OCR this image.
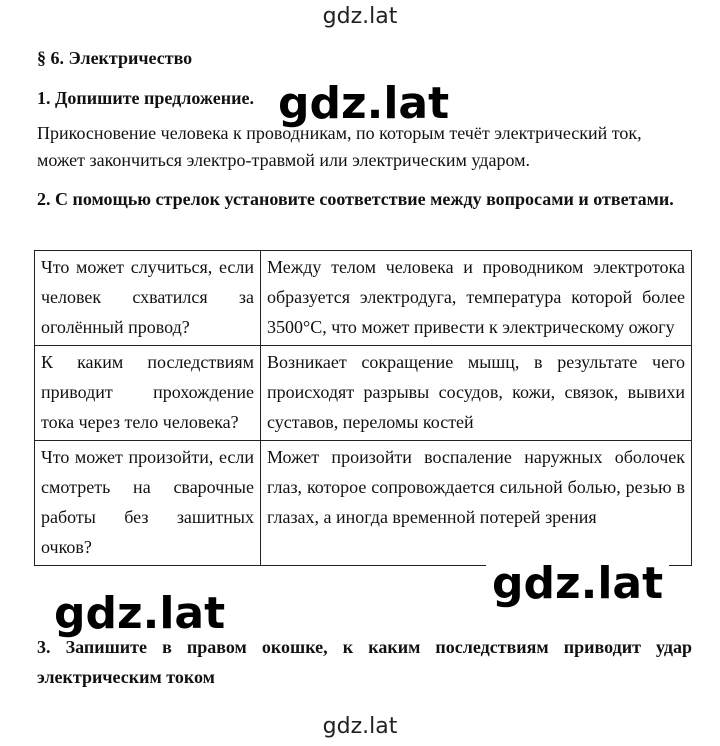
gdz.lat
§ 6. Электричество
1. Допишите предложение. gdz.lat
Прикосновение человека к проводникам, по которым течёт электрический ток, может закончиться электро-травмой или электрическим ударом.
2. С помощью стрелок установите соответствие между вопросами и ответами.
Что может случиться, если человек схватился за оголённый провод?	Между телом человека и проводником электротока образуется электродуга, температура которой более 3500°С, что может привести к электрическому ожогу
К каким последствиям приводит прохождение тока через тело человека?	Возникает сокращение мышц, в результате чего происходят разрывы сосудов, кожи, связок, вывихи суставов, переломы костей
Что может произойти, если смотреть на сварочные работы без зашитных очков?	Может произойти воспаление наружных оболочек глаз, которое сопровождается сильной болью, резью в глазах, а иногда временной потерей зрения
gdz.lat
gdz.lat
3. Запишите в правом окошке, к каким последствиям приводит удар электрическим током
gdz.lat
